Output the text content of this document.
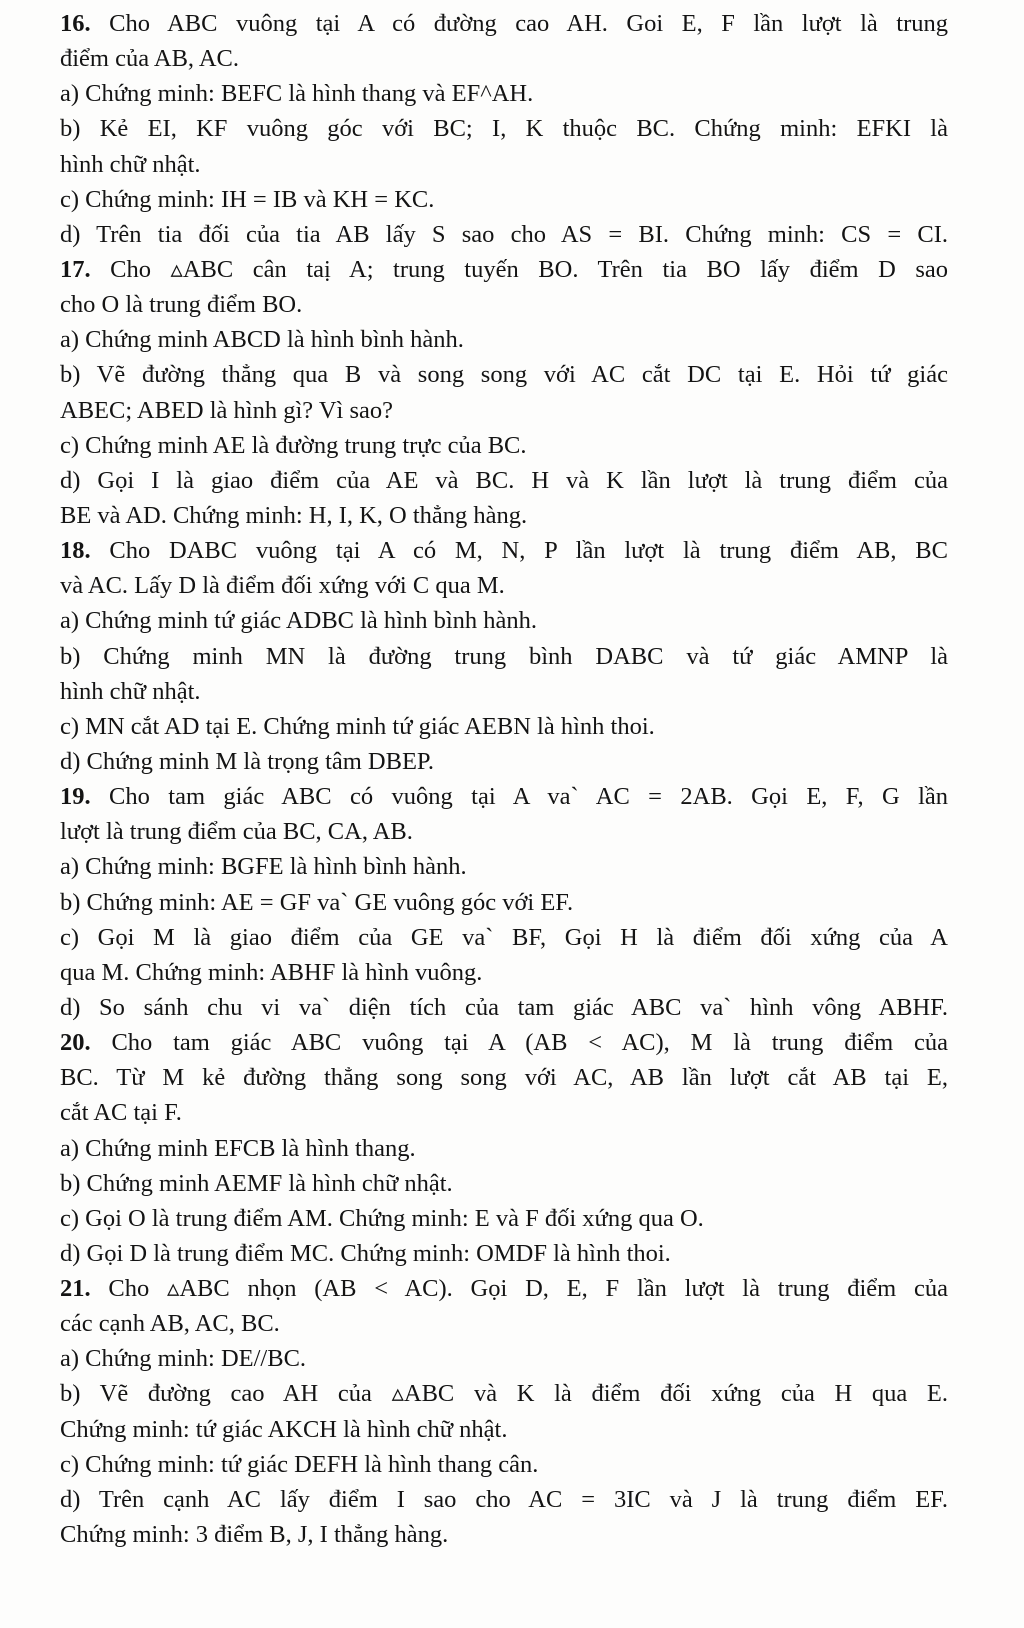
16. Cho ABC vuông tại A có đường cao AH. Goi E, F lần lượt là trung
điểm của AB, AC.
a) Chứng minh: BEFC là hình thang và EF^AH.
b) Kẻ EI, KF vuông góc với BC; I, K thuộc BC. Chứng minh: EFKI là
hình chữ nhật.
c) Chứng minh: IH = IB và KH = KC.
d) Trên tia đối của tia AB lấy S sao cho AS = BI. Chứng minh: CS = CI.
17. Cho ▵ABC cân taị A; trung tuyến BO. Trên tia BO lấy điểm D sao
cho O là trung điểm BO.
a) Chứng minh ABCD là hình bình hành.
b) Vẽ đường thẳng qua B và song song với AC cắt DC tại E. Hỏi tứ giác
ABEC; ABED là hình gì? Vì sao?
c) Chứng minh AE là đường trung trực của BC.
d) Gọi I là giao điểm của AE và BC. H và K lần lượt là trung điểm của
BE và AD. Chứng minh: H, I, K, O thẳng hàng.
18. Cho DABC vuông tại A có M, N, P lần lượt là trung điểm AB, BC
và AC. Lấy D là điểm đối xứng với C qua M.
a) Chứng minh tứ giác ADBC là hình bình hành.
b) Chứng minh MN là đường trung bình DABC và tứ giác AMNP là
hình chữ nhật.
c) MN cắt AD tại E. Chứng minh tứ giác AEBN là hình thoi.
d) Chứng minh M là trọng tâm DBEP.
19. Cho tam giác ABC có vuông tại A va` AC = 2AB. Gọi E, F, G lần
lượt là trung điểm của BC, CA, AB.
a) Chứng minh: BGFE là hình bình hành.
b) Chứng minh: AE = GF va` GE vuông góc với EF.
c) Gọi M là giao điểm của GE va` BF, Gọi H là điểm đối xứng của A
qua M. Chứng minh: ABHF là hình vuông.
d) So sánh chu vi va` diện tích của tam giác ABC va` hình vông ABHF.
20. Cho tam giác ABC vuông tại A (AB < AC), M là trung điểm của
BC. Từ M kẻ đường thẳng song song với AC, AB lần lượt cắt AB tại E,
cắt AC tại F.
a) Chứng minh EFCB là hình thang.
b) Chứng minh AEMF là hình chữ nhật.
c) Gọi O là trung điểm AM. Chứng minh: E và F đối xứng qua O.
d) Gọi D là trung điểm MC. Chứng minh: OMDF là hình thoi.
21. Cho ▵ABC nhọn (AB < AC). Gọi D, E, F lần lượt là trung điểm của
các cạnh AB, AC, BC.
a) Chứng minh: DE//BC.
b) Vẽ đường cao AH của ▵ABC và K là điểm đối xứng của H qua E.
Chứng minh: tứ giác AKCH là hình chữ nhật.
c) Chứng minh: tứ giác DEFH là hình thang cân.
d) Trên cạnh AC lấy điểm I sao cho AC = 3IC và J là trung điểm EF.
Chứng minh: 3 điểm B, J, I thẳng hàng.
